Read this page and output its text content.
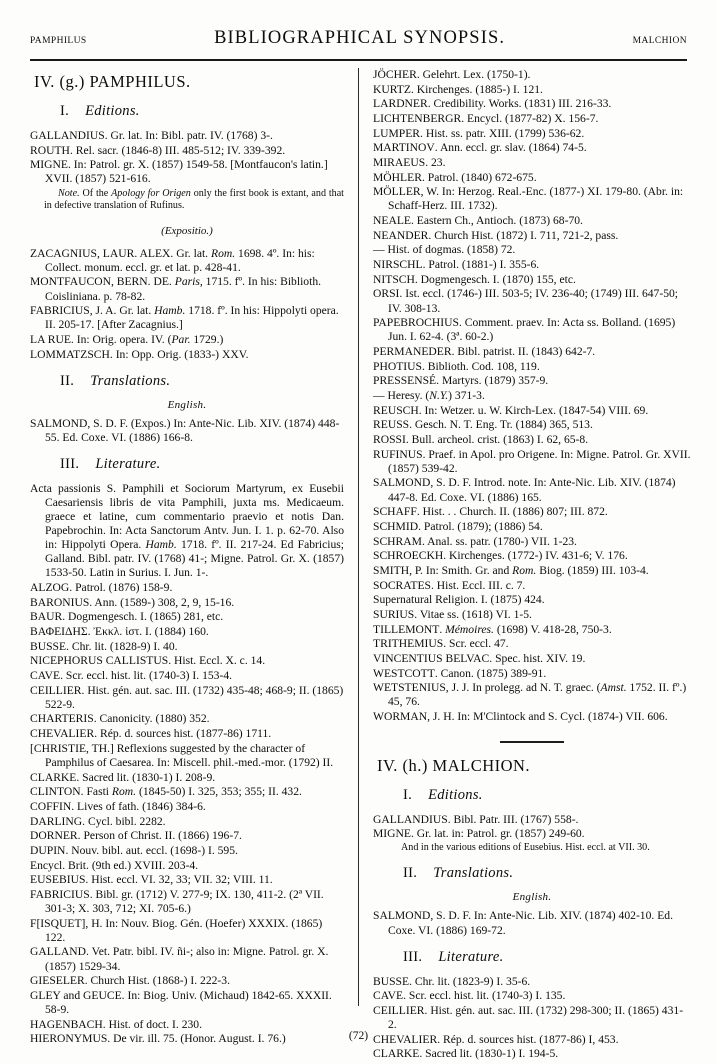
PAMPHILUS	BIBLIOGRAPHICAL SYNOPSIS.	MALCHION
IV. (g.) PAMPHILUS.
I. Editions.
GALLANDIUS. Gr. lat. In: Bibl. patr. IV. (1768) 3-.
ROUTH. Rel. sacr. (1846-8) III. 485-512; IV. 339-392.
MIGNE. In: Patrol. gr. X. (1857) 1549-58. [Montfaucon's latin.] XVII. (1857) 521-616.
Note. Of the Apology for Origen only the first book is extant, and that in defective translation of Rufinus.
(Expositio.)
ZACAGNIUS, LAUR. ALEX. Gr. lat. Rom. 1698. 4º. In: his: Collect. monum. eccl. gr. et lat. p. 428-41.
MONTFAUCON, BERN. DE. Paris, 1715. fº. In his: Biblioth. Coisliniana. p. 78-82.
FABRICIUS, J. A. Gr. lat. Hamb. 1718. fº. In his: Hippolyti opera. II. 205-17. [After Zacagnius.]
LA RUE. In: Orig. opera. IV. (Par. 1729.)
LOMMATZSCH. In: Opp. Orig. (1833-) XXV.
II. Translations.
English.
SALMOND, S. D. F. (Expos.) In: Ante-Nic. Lib. XIV. (1874) 448-55. Ed. Coxe. VI. (1886) 166-8.
III. Literature.
Acta passionis S. Pamphili et Sociorum Martyrum, ex Eusebii Caesariensis libris de vita Pamphili, juxta ms. Medicaeum. graece et latine, cum commentario praevio et notis Dan. Papebrochin. In: Acta Sanctorum Antv. Jun. I. 1. p. 62-70. Also in: Hippolyti Opera. Hamb. 1718. fº. II. 217-24. Ed Fabricius; Galland. Bibl. patr. IV. (1768) 41-; Migne. Patrol. Gr. X. (1857) 1533-50. Latin in Surius. I. Jun. 1-.
ALZOG. Patrol. (1876) 158-9.
BARONIUS. Ann. (1589-) 308, 2, 9, 15-16.
BAUR. Dogmengesch. I. (1865) 281, etc.
ΒΑΦΕΙΔΗΣ. Ἐκκλ. ἱστ. I. (1884) 160.
BUSSE. Chr. lit. (1828-9) I. 40.
NICEPHORUS CALLISTUS. Hist. Eccl. X. c. 14.
CAVE. Scr. eccl. hist. lit. (1740-3) I. 153-4.
CEILLIER. Hist. gén. aut. sac. III. (1732) 435-48; 468-9; II. (1865) 522-9.
CHARTERIS. Canonicity. (1880) 352.
CHEVALIER. Rép. d. sources hist. (1877-86) 1711.
[CHRISTIE, TH.] Reflexions suggested by the character of Pamphilus of Caesarea. In: Miscell. phil.-med.-mor. (1792) II.
CLARKE. Sacred lit. (1830-1) I. 208-9.
CLINTON. Fasti Rom. (1845-50) I. 325, 353; 355; II. 432.
COFFIN. Lives of fath. (1846) 384-6.
DARLING. Cycl. bibl. 2282.
DORNER. Person of Christ. II. (1866) 196-7.
DUPIN. Nouv. bibl. aut. eccl. (1698-) I. 595.
Encycl. Brit. (9th ed.) XVIII. 203-4.
EUSEBIUS. Hist. eccl. VI. 32, 33; VII. 32; VIII. 11.
FABRICIUS. Bibl. gr. (1712) V. 277-9; IX. 130, 411-2. (2ª VII. 301-3; X. 303, 712; XI. 705-6.)
F[ISQUET], H. In: Nouv. Biog. Gén. (Hoefer) XXXIX. (1865) 122.
GALLAND. Vet. Patr. bibl. IV. ñi-; also in: Migne. Patrol. gr. X. (1857) 1529-34.
GIESELER. Church Hist. (1868-) I. 222-3.
GLEY and GEUCE. In: Biog. Univ. (Michaud) 1842-65. XXXII. 58-9.
HAGENBACH. Hist. of doct. I. 230.
HIERONYMUS. De vir. ill. 75. (Honor. August. I. 76.)
JÖCHER. Gelehrt. Lex. (1750-1).
KURTZ. Kirchenges. (1885-) I. 121.
LARDNER. Credibility. Works. (1831) III. 216-33.
LICHTENBERGR. Encycl. (1877-82) X. 156-7.
LUMPER. Hist. ss. patr. XIII. (1799) 536-62.
MARTINOV. Ann. eccl. gr. slav. (1864) 74-5.
MIRAEUS. 23.
MÖHLER. Patrol. (1840) 672-675.
MÖLLER, W. In: Herzog. Real.-Enc. (1877-) XI. 179-80. (Abr. in: Schaff-Herz. III. 1732).
NEALE. Eastern Ch., Antioch. (1873) 68-70.
NEANDER. Church Hist. (1872) I. 711, 721-2, pass.
— Hist. of dogmas. (1858) 72.
NIRSCHL. Patrol. (1881-) I. 355-6.
NITSCH. Dogmengesch. I. (1870) 155, etc.
ORSI. Ist. eccl. (1746-) III. 503-5; IV. 236-40; (1749) III. 647-50; IV. 308-13.
PAPEBROCHIUS. Comment. praev. In: Acta ss. Bolland. (1695) Jun. I. 62-4. (3ª. 60-2.)
PERMANEDER. Bibl. patrist. II. (1843) 642-7.
PHOTIUS. Biblioth. Cod. 108, 119.
PRESSENSÉ. Martyrs. (1879) 357-9.
— Heresy. (N.Y.) 371-3.
REUSCH. In: Wetzer. u. W. Kirch-Lex. (1847-54) VIII. 69.
REUSS. Gesch. N. T. Eng. Tr. (1884) 365, 513.
ROSSI. Bull. archeol. crist. (1863) I. 62, 65-8.
RUFINUS. Praef. in Apol. pro Origene. In: Migne. Patrol. Gr. XVII. (1857) 539-42.
SALMOND, S. D. F. Introd. note. In: Ante-Nic. Lib. XIV. (1874) 447-8. Ed. Coxe. VI. (1886) 165.
SCHAFF. Hist. . . Church. II. (1886) 807; III. 872.
SCHMID. Patrol. (1879); (1886) 54.
SCHRAM. Anal. ss. patr. (1780-) VII. 1-23.
SCHROECKH. Kirchenges. (1772-) IV. 431-6; V. 176.
SMITH, P. In: Smith. Gr. and Rom. Biog. (1859) III. 103-4.
SOCRATES. Hist. Eccl. III. c. 7.
Supernatural Religion. I. (1875) 424.
SURIUS. Vitae ss. (1618) VI. 1-5.
TILLEMONT. Mémoires. (1698) V. 418-28, 750-3.
TRITHEMIUS. Scr. eccl. 47.
VINCENTIUS BELVAC. Spec. hist. XIV. 19.
WESTCOTT. Canon. (1875) 389-91.
WETSTENIUS, J. J. In prolegg. ad N. T. graec. (Amst. 1752. II. fº.) 45, 76.
WORMAN, J. H. In: M'Clintock and S. Cycl. (1874-) VII. 606.
IV. (h.) MALCHION.
I. Editions.
GALLANDIUS. Bibl. Patr. III. (1767) 558-.
MIGNE. Gr. lat. in: Patrol. gr. (1857) 249-60.
And in the various editions of Eusebius. Hist. eccl. at VII. 30.
II. Translations.
English.
SALMOND, S. D. F. In: Ante-Nic. Lib. XIV. (1874) 402-10. Ed. Coxe. VI. (1886) 169-72.
III. Literature.
BUSSE. Chr. lit. (1823-9) I. 35-6.
CAVE. Scr. eccl. hist. lit. (1740-3) I. 135.
CEILLIER. Hist. gén. aut. sac. III. (1732) 298-300; II. (1865) 431-2.
CHEVALIER. Rép. d. sources hist. (1877-86) I, 453.
CLARKE. Sacred lit. (1830-1) I. 194-5.
(72)
